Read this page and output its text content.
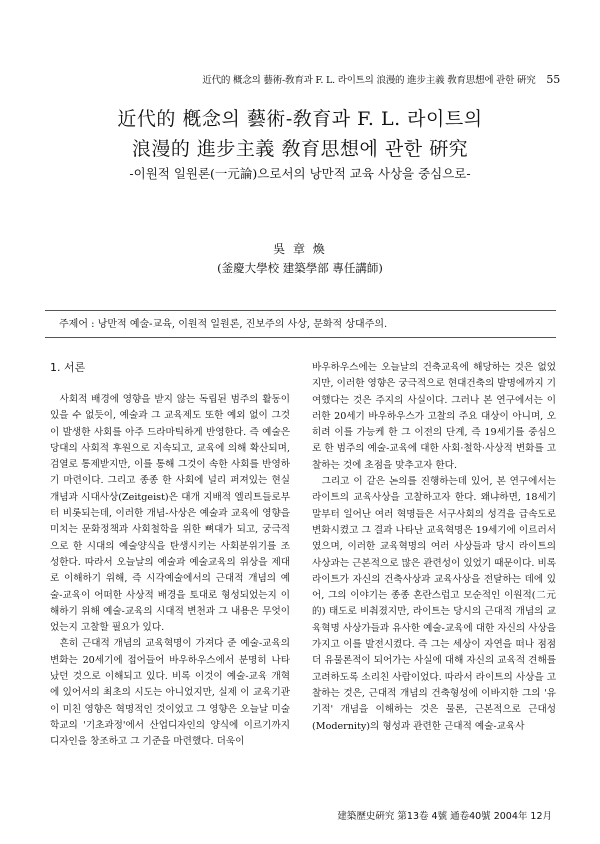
近代的 概念의 藝術-敎育과 F. L. 라이트의 浪漫的 進步主義 敎育思想에 관한 硏究 55
近代的 槪念의 藝術-敎育과 F. L. 라이트의
浪漫的 進步主義 敎育思想에 관한 硏究
-이원적 일원론(一元論)으로서의 낭만적 교육 사상을 중심으로-
吳 章 煥
(釜慶大學校 建築學部 專任講師)
주제어 : 낭만적 예술-교육, 이원적 일원론, 진보주의 사상, 문화적 상대주의.
1. 서론

사회적 배경에 영향을 받지 않는 독립된 범주의 활동이 있을 수 없듯이, 예술과 그 교육제도 또한 예외 없이 그것이 발생한 사회를 아주 드라마틱하게 반영한다. 즉 예술은 당대의 사회적 후원으로 지속되고, 교육에 의해 확산되며, 검열로 통제받지만, 이를 통해 그것이 속한 사회를 반영하기 마련이다. 그리고 종종 한 사회에 널리 퍼져있는 현실개념과 시대사상(Zeitgeist)은 대개 지배적 엘리트들로부터 비롯되는데, 이러한 개념-사상은 예술과 교육에 영향을 미치는 문화정책과 사회철학을 위한 뼈대가 되고, 궁극적으로 한 시대의 예술양식을 탄생시키는 사회분위기를 조성한다. 따라서 오늘날의 예술과 예술교육의 위상을 제대로 이해하기 위해, 즉 시각예술에서의 근대적 개념의 예술-교육이 어떠한 사상적 배경을 토대로 형성되었는지 이해하기 위해 예술-교육의 시대적 변천과 그 내용은 무엇이었는지 고찰할 필요가 있다.

흔히 근대적 개념의 교육혁명이 가져다 준 예술-교육의 변화는 20세기에 접어들어 바우하우스에서 분명히 나타났던 것으로 이해되고 있다. 비록 이것이 예술-교육 개혁에 있어서의 최초의 시도는 아니었지만, 실제 이 교육기관이 미친 영향은 혁명적인 것이었고 그 영향은 오늘날 미술학교의 '기초과정'에서 산업디자인의 양식에 이르기까지 디자인을 창조하고 그 기준을 마련했다. 더욱이

바우하우스에는 오늘날의 건축교육에 해당하는 것은 없었지만, 이러한 영향은 궁극적으로 현대건축의 발명에까지 기여했다는 것은 주지의 사실이다. 그러나 본 연구에서는 이러한 20세기 바우하우스가 고찰의 주요 대상이 아니며, 오히려 이를 가능케 한 그 이전의 단계, 즉 19세기를 중심으로 한 범주의 예술-교육에 대한 사회·철학·사상적 변화를 고찰하는 것에 초점을 맞추고자 한다.

그리고 이 같은 논의를 진행하는데 있어, 본 연구에서는 라이트의 교육사상을 고찰하고자 한다. 왜냐하면, 18세기말부터 일어난 여러 혁명들은 서구사회의 성격을 급속도로 변화시켰고 그 결과 나타난 교육혁명은 19세기에 이르러서였으며, 이러한 교육혁명의 여러 사상들과 당시 라이트의 사상과는 근본적으로 많은 관련성이 있었기 때문이다. 비록 라이트가 자신의 건축사상과 교육사상을 전달하는 데에 있어, 그의 이야기는 종종 혼란스럽고 모순적인 이원적(二元的) 태도로 비춰졌지만, 라이트는 당시의 근대적 개념의 교육혁명 사상가들과 유사한 예술-교육에 대한 자신의 사상을 가지고 이를 발전시켰다. 즉 그는 세상이 자연을 떠나 점점 더 유물론적이 되어가는 사실에 대해 자신의 교육적 견해를 고려하도록 소리친 사람이었다. 따라서 라이트의 사상을 고찰하는 것은, 근대적 개념의 건축형성에 이바지한 그의 '유기적' 개념을 이해하는 것은 물론, 근본적으로 근대성(Modernity)의 형성과 관련한 근대적 예술-교육사

建築歷史硏究 第13卷 4號 通卷40號 2004年 12月
